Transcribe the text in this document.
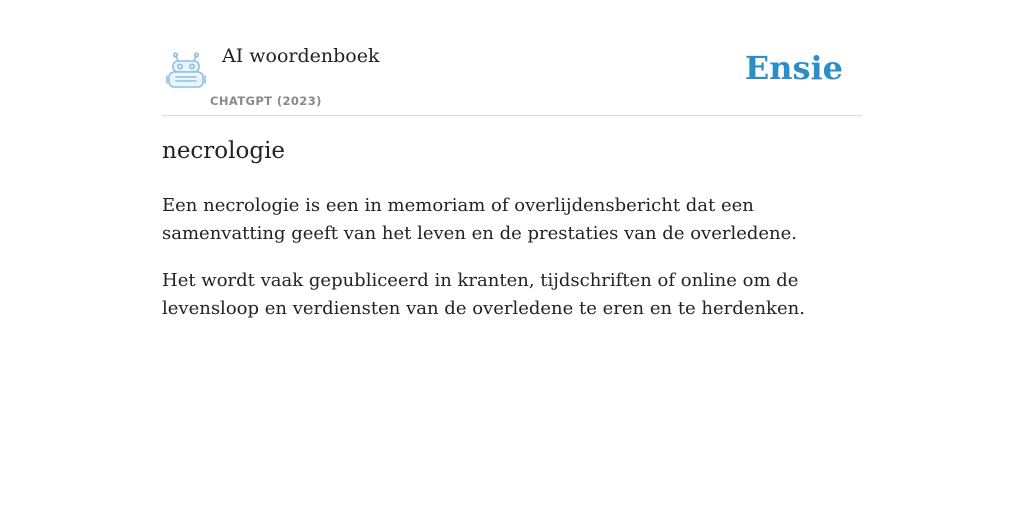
AI woordenboek
CHATGPT (2023)
Ensie
necrologie

Een necrologie is een in memoriam of overlijdensbericht dat een samenvatting geeft van het leven en de prestaties van de overledene.

Het wordt vaak gepubliceerd in kranten, tijdschriften of online om de levensloop en verdiensten van de overledene te eren en te herdenken.
